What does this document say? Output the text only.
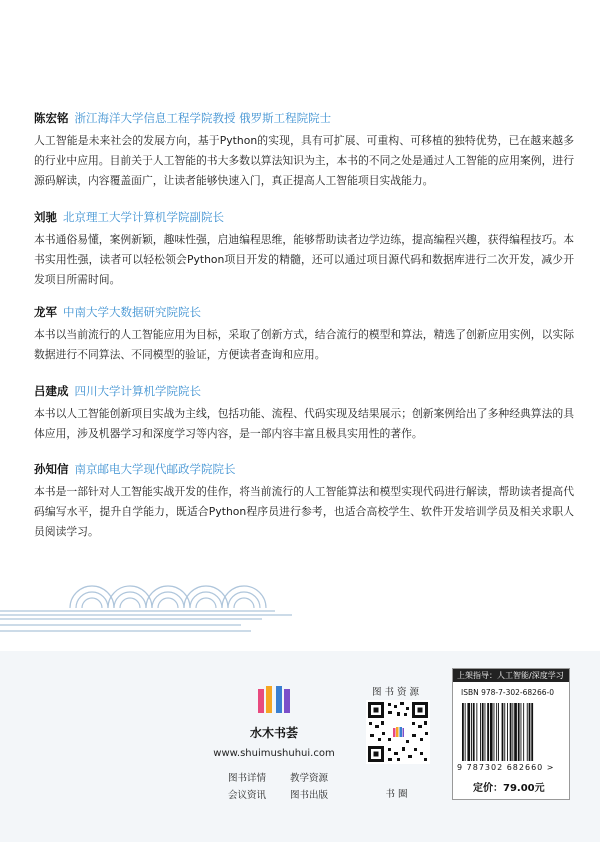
陈宏铭 浙江海洋大学信息工程学院教授 俄罗斯工程院院士

人工智能是未来社会的发展方向，基于Python的实现，具有可扩展、可重构、可移植的独特优势，已在越来越多的行业中应用。目前关于人工智能的书大多数以算法知识为主，本书的不同之处是通过人工智能的应用案例，进行源码解读，内容覆盖面广，让读者能够快速入门，真正提高人工智能项目实战能力。

刘驰 北京理工大学计算机学院副院长

本书通俗易懂，案例新颖，趣味性强，启迪编程思维，能够帮助读者边学边练，提高编程兴趣，获得编程技巧。本书实用性强，读者可以轻松领会Python项目开发的精髓，还可以通过项目源代码和数据库进行二次开发，减少开发项目所需时间。

龙军 中南大学大数据研究院院长

本书以当前流行的人工智能应用为目标，采取了创新方式，结合流行的模型和算法，精选了创新应用实例，以实际数据进行不同算法、不同模型的验证，方便读者查询和应用。

吕建成 四川大学计算机学院院长

本书以人工智能创新项目实战为主线，包括功能、流程、代码实现及结果展示；创新案例给出了多种经典算法的具体应用，涉及机器学习和深度学习等内容，是一部内容丰富且极具实用性的著作。

孙知信 南京邮电大学现代邮政学院院长

本书是一部针对人工智能实战开发的佳作，将当前流行的人工智能算法和模型实现代码进行解读，帮助读者提高代码编写水平，提升自学能力，既适合Python程序员进行参考，也适合高校学生、软件开发培训学员及相关求职人员阅读学习。

水木书荟
www.shuimushuhui.com
图书详情	教学资源
会议资讯	图书出版
图书资源
书圈
上架指导：人工智能/深度学习
ISBN 978-7-302-68266-0
9 787302 682660 >
定价：79.00元
